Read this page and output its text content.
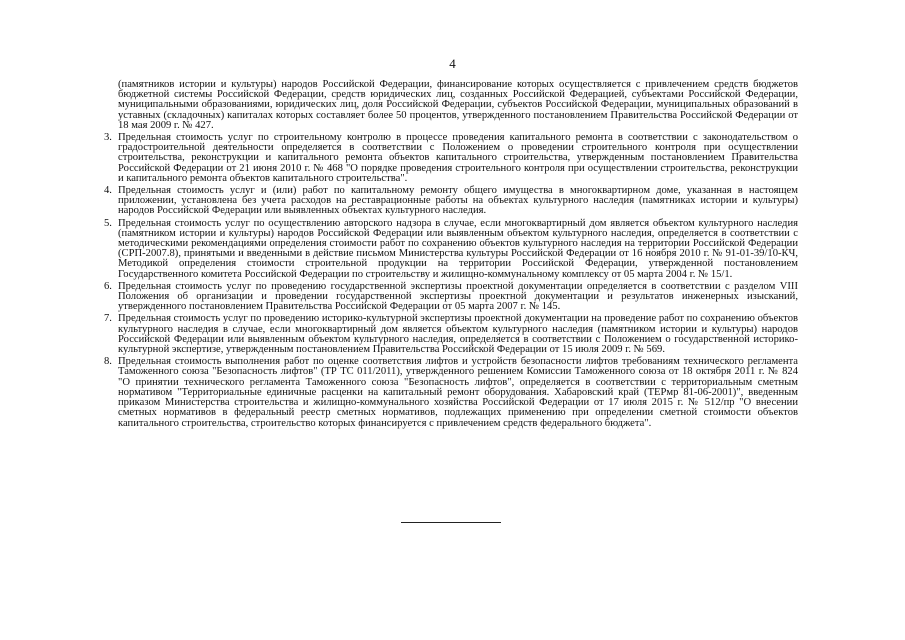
4
(памятников истории и культуры) народов Российской Федерации, финансирование которых осуществляется с привлечением средств бюджетов бюджетной системы Российской Федерации, средств юридических лиц, созданных Российской Федерацией, субъектами Российской Федерации, муниципальными образованиями, юридических лиц, доля Российской Федерации, субъектов Российской Федерации, муниципальных образований в уставных (складочных) капиталах которых составляет более 50 процентов, утвержденного постановлением Правительства Российской Федерации от 18 мая 2009 г. № 427.
3. Предельная стоимость услуг по строительному контролю в процессе проведения капитального ремонта в соответствии с законодательством о градостроительной деятельности определяется в соответствии с Положением о проведении строительного контроля при осуществлении строительства, реконструкции и капитального ремонта объектов капитального строительства, утвержденным постановлением Правительства Российской Федерации от 21 июня 2010 г. № 468 "О порядке проведения строительного контроля при осуществлении строительства, реконструкции и капитального ремонта объектов капитального строительства".
4. Предельная стоимость услуг и (или) работ по капитальному ремонту общего имущества в многоквартирном доме, указанная в настоящем приложении, установлена без учета расходов на реставрационные работы на объектах культурного наследия (памятниках истории и культуры) народов Российской Федерации или выявленных объектах культурного наследия.
5. Предельная стоимость услуг по осуществлению авторского надзора в случае, если многоквартирный дом является объектом культурного наследия (памятником истории и культуры) народов Российской Федерации или выявленным объектом культурного наследия, определяется в соответствии с методическими рекомендациями определения стоимости работ по сохранению объектов культурного наследия на территории Российской Федерации (СРП-2007.8), принятыми и введенными в действие письмом Министерства культуры Российской Федерации от 16 ноября 2010 г. № 91-01-39/10-КЧ, Методикой определения стоимости строительной продукции на территории Российской Федерации, утвержденной постановлением Государственного комитета Российской Федерации по строительству и жилищно-коммунальному комплексу от 05 марта 2004 г. № 15/1.
6. Предельная стоимость услуг по проведению государственной экспертизы проектной документации определяется в соответствии с разделом VIII Положения об организации и проведении государственной экспертизы проектной документации и результатов инженерных изысканий, утвержденного постановлением Правительства Российской Федерации от 05 марта 2007 г. № 145.
7. Предельная стоимость услуг по проведению историко-культурной экспертизы проектной документации на проведение работ по сохранению объектов культурного наследия в случае, если многоквартирный дом является объектом культурного наследия (памятником истории и культуры) народов Российской Федерации или выявленным объектом культурного наследия, определяется в соответствии с Положением о государственной историко-культурной экспертизе, утвержденным постановлением Правительства Российской Федерации от 15 июля 2009 г. № 569.
8. Предельная стоимость выполнения работ по оценке соответствия лифтов и устройств безопасности лифтов требованиям технического регламента Таможенного союза "Безопасность лифтов" (ТР ТС 011/2011), утвержденного решением Комиссии Таможенного союза от 18 октября 2011 г. № 824 "О принятии технического регламента Таможенного союза "Безопасность лифтов", определяется в соответствии с территориальным сметным нормативом "Территориальные единичные расценки на капитальный ремонт оборудования. Хабаровский край (ТЕРмр 81-06-2001)", введенным приказом Министерства строительства и жилищно-коммунального хозяйства Российской Федерации от 17 июля 2015 г. № 512/пр "О внесении сметных нормативов в федеральный реестр сметных нормативов, подлежащих применению при определении сметной стоимости объектов капитального строительства, строительство которых финансируется с привлечением средств федерального бюджета".
